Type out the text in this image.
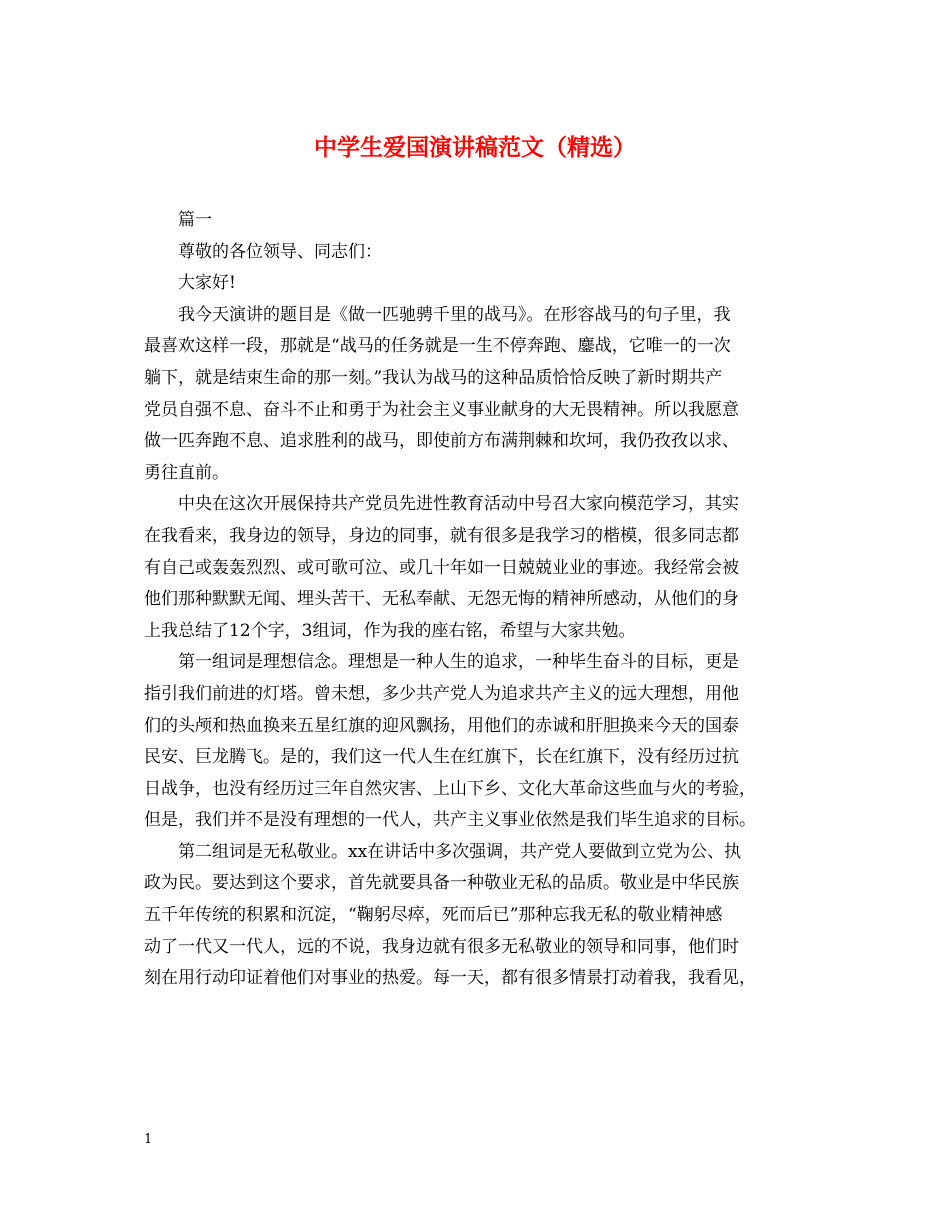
中学生爱国演讲稿范文（精选）

篇一

尊敬的各位领导、同志们：

大家好!

我今天演讲的题目是《做一匹驰骋千里的战马》。在形容战马的句子里，我

最喜欢这样一段，那就是“战马的任务就是一生不停奔跑、鏖战，它唯一的一次

躺下，就是结束生命的那一刻。”我认为战马的这种品质恰恰反映了新时期共产

党员自强不息、奋斗不止和勇于为社会主义事业献身的大无畏精神。所以我愿意

做一匹奔跑不息、追求胜利的战马，即使前方布满荆棘和坎坷，我仍孜孜以求、

勇往直前。

中央在这次开展保持共产党员先进性教育活动中号召大家向模范学习，其实

在我看来，我身边的领导，身边的同事，就有很多是我学习的楷模，很多同志都

有自己或轰轰烈烈、或可歌可泣、或几十年如一日兢兢业业的事迹。我经常会被

他们那种默默无闻、埋头苦干、无私奉献、无怨无悔的精神所感动，从他们的身

上我总结了12个字，3组词，作为我的座右铭，希望与大家共勉。

第一组词是理想信念。理想是一种人生的追求，一种毕生奋斗的目标，更是

指引我们前进的灯塔。曾未想，多少共产党人为追求共产主义的远大理想，用他

们的头颅和热血换来五星红旗的迎风飘扬，用他们的赤诚和肝胆换来今天的国泰

民安、巨龙腾飞。是的，我们这一代人生在红旗下，长在红旗下，没有经历过抗

日战争，也没有经历过三年自然灾害、上山下乡、文化大革命这些血与火的考验，

但是，我们并不是没有理想的一代人，共产主义事业依然是我们毕生追求的目标。

第二组词是无私敬业。xx在讲话中多次强调，共产党人要做到立党为公、执

政为民。要达到这个要求，首先就要具备一种敬业无私的品质。敬业是中华民族

五千年传统的积累和沉淀，“鞠躬尽瘁，死而后已”那种忘我无私的敬业精神感

动了一代又一代人，远的不说，我身边就有很多无私敬业的领导和同事，他们时

刻在用行动印证着他们对事业的热爱。每一天，都有很多情景打动着我，我看见，

1
